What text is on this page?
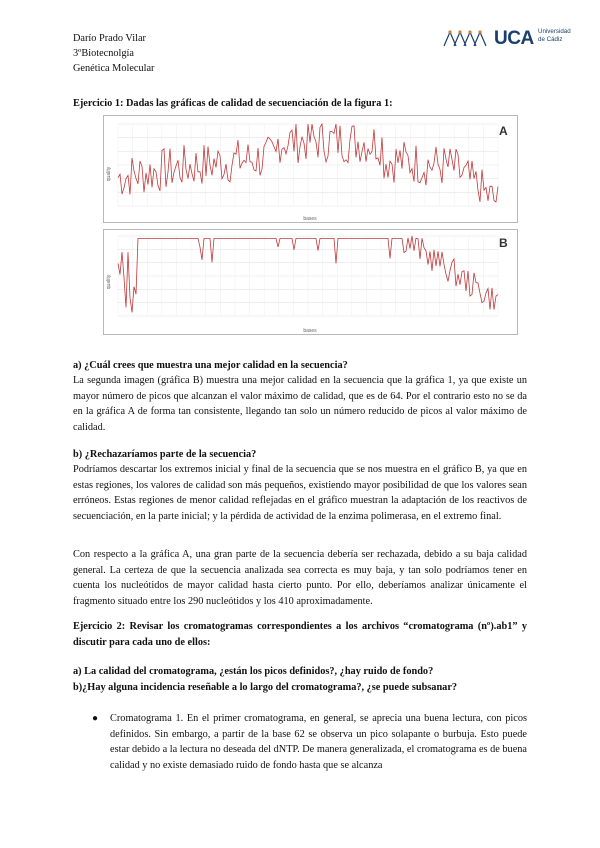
Darío Prado Vilar
3ºBiotecnolgía
Genética Molecular
UCA Universidad
de Cádiz
Ejercicio 1: Dadas las gráficas de calidad de secuenciación de la figura 1:
A
bases
quality
B
bases
quality
a) ¿Cuál crees que muestra una mejor calidad en la secuencia?
La segunda imagen (gráfica B) muestra una mejor calidad en la secuencia que la gráfica 1, ya que existe un mayor número de picos que alcanzan el valor máximo de calidad, que es de 64. Por el contrario esto no se da en la gráfica A de forma tan consistente, llegando tan solo un número reducido de picos al valor máximo de calidad.
b) ¿Rechazaríamos parte de la secuencia?
Podríamos descartar los extremos inicial y final de la secuencia que se nos muestra en el gráfico B, ya que en estas regiones, los valores de calidad son más pequeños, existiendo mayor posibilidad de que los valores sean erróneos. Estas regiones de menor calidad reflejadas en el gráfico muestran la adaptación de los reactivos de secuenciación, en la parte inicial; y la pérdida de actividad de la enzima polimerasa, en el extremo final.
Con respecto a la gráfica A, una gran parte de la secuencia debería ser rechazada, debido a su baja calidad general. La certeza de que la secuencia analizada sea correcta es muy baja, y tan solo podríamos tener en cuenta los nucleótidos de mayor calidad hasta cierto punto. Por ello, deberíamos analizar únicamente el fragmento situado entre los 290 nucleótidos y los 410 aproximadamente.
Ejercicio 2: Revisar los cromatogramas correspondientes a los archivos “cromatograma (nº).ab1” y discutir para cada uno de ellos:
a) La calidad del cromatograma, ¿están los picos definidos?, ¿hay ruido de fondo?
b)¿Hay alguna incidencia reseñable a lo largo del cromatograma?, ¿se puede subsanar?
● Cromatograma 1. En el primer cromatograma, en general, se aprecia una buena lectura, con picos definidos. Sin embargo, a partir de la base 62 se observa un pico solapante o burbuja. Esto puede estar debido a la lectura no deseada del dNTP. De manera generalizada, el cromatograma es de buena calidad y no existe demasiado ruido de fondo hasta que se alcanza
